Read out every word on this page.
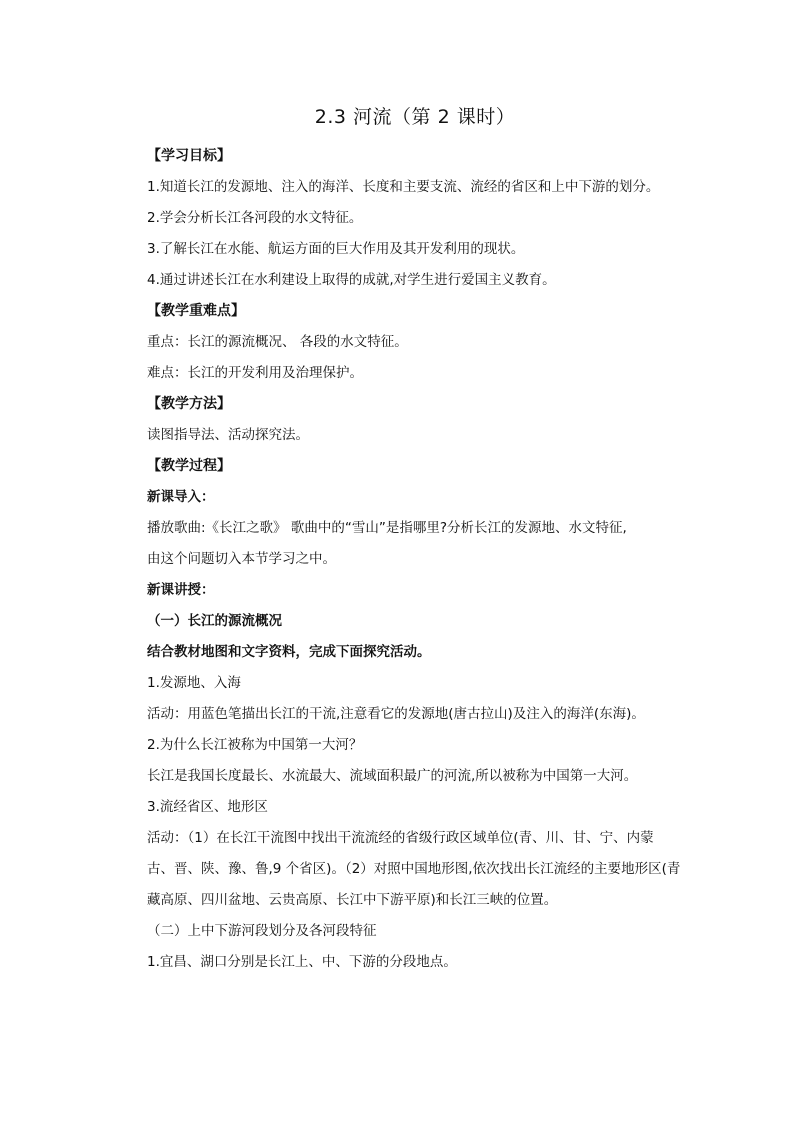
2.3 河流（第 2 课时）
【学习目标】
1.知道长江的发源地、注入的海洋、长度和主要支流、流经的省区和上中下游的划分。
2.学会分析长江各河段的水文特征。
3.了解长江在水能、航运方面的巨大作用及其开发利用的现状。
4.通过讲述长江在水利建设上取得的成就,对学生进行爱国主义教育。
【教学重难点】
重点：长江的源流概况、 各段的水文特征。
难点：长江的开发利用及治理保护。
【教学方法】
读图指导法、活动探究法。
【教学过程】
新课导入：
播放歌曲:《长江之歌》 歌曲中的“雪山”是指哪里?分析长江的发源地、水文特征,
由这个问题切入本节学习之中。
新课讲授：
（一）长江的源流概况
结合教材地图和文字资料，完成下面探究活动。
1.发源地、入海
活动：用蓝色笔描出长江的干流,注意看它的发源地(唐古拉山)及注入的海洋(东海)。
2.为什么长江被称为中国第一大河？
长江是我国长度最长、水流最大、流域面积最广的河流,所以被称为中国第一大河。
3.流经省区、地形区
活动：（1）在长江干流图中找出干流流经的省级行政区域单位(青、川、甘、宁、内蒙
古、晋、陕、豫、鲁,9 个省区)。（2）对照中国地形图,依次找出长江流经的主要地形区(青
藏高原、四川盆地、云贵高原、长江中下游平原)和长江三峡的位置。
（二）上中下游河段划分及各河段特征
1.宜昌、湖口分别是长江上、中、下游的分段地点。
